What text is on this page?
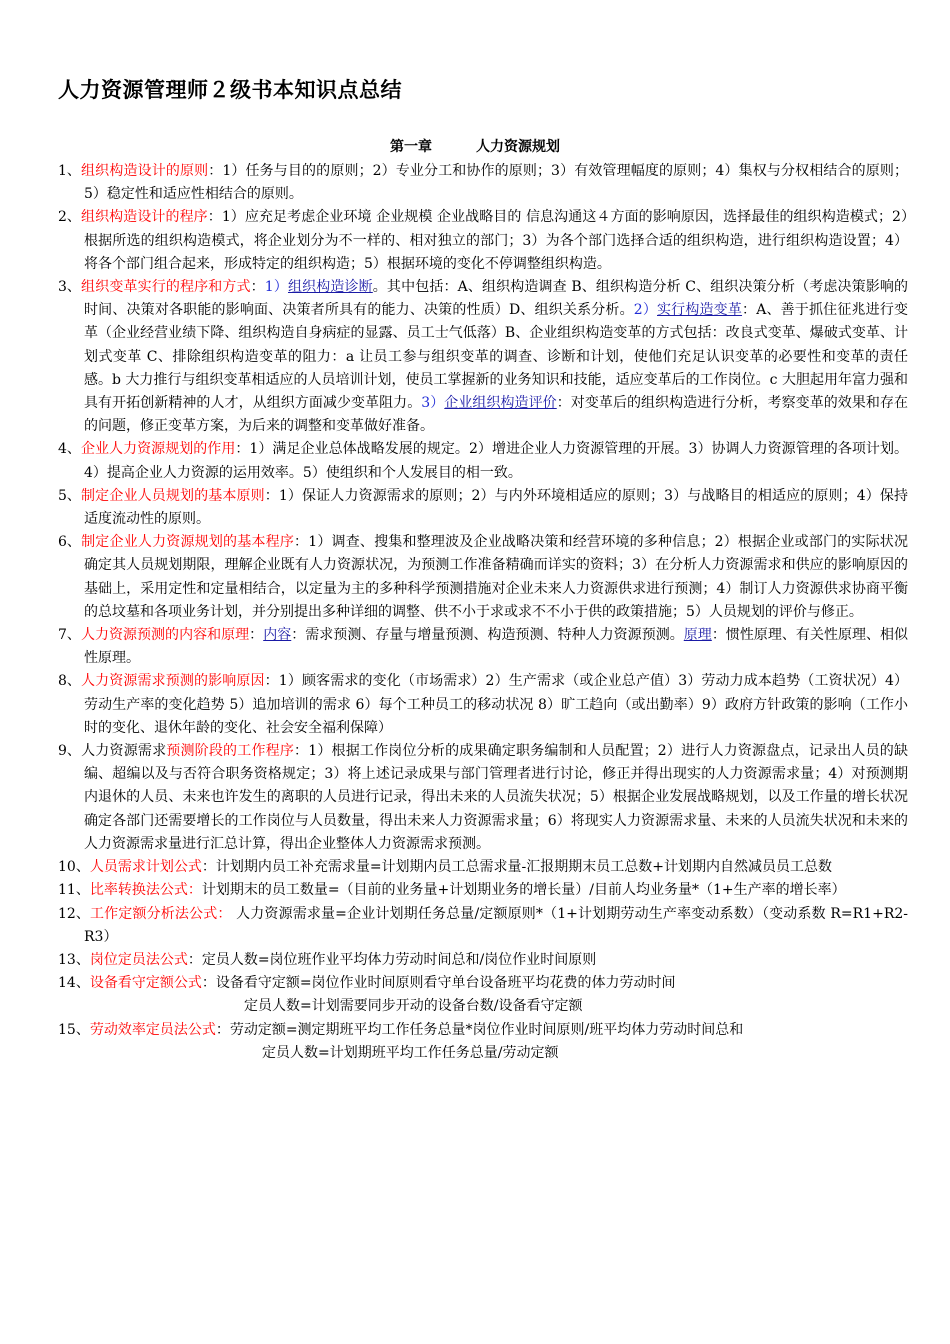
人力资源管理师２级书本知识点总结
第一章	人力资源规划
1、组织构造设计的原则：1）任务与目的的原则；2）专业分工和协作的原则；3）有效管理幅度的原则；4）集权与分权相结合的原则；5）稳定性和适应性相结合的原则。
2、组织构造设计的程序：1）应充足考虑企业环境 企业规模 企业战略目的 信息沟通这４方面的影响原因，选择最佳的组织构造模式；2）根据所选的组织构造模式，将企业划分为不一样的、相对独立的部门；3）为各个部门选择合适的组织构造，进行组织构造设置；4）将各个部门组合起来，形成特定的组织构造；5）根据环境的变化不停调整组织构造。
3、组织变革实行的程序和方式：1）组织构造诊断。其中包括：A、组织构造调查 B、组织构造分析 C、组织决策分析（考虑决策影响的时间、决策对各职能的影响面、决策者所具有的能力、决策的性质）D、组织关系分析。2）实行构造变革：A、善于抓住征兆进行变革（企业经营业绩下降、组织构造自身病症的显露、员工士气低落）B、企业组织构造变革的方式包括：改良式变革、爆破式变革、计划式变革 C、排除组织构造变革的阻力：a 让员工参与组织变革的调查、诊断和计划，使他们充足认识变革的必要性和变革的责任感。b 大力推行与组织变革相适应的人员培训计划，使员工掌握新的业务知识和技能，适应变革后的工作岗位。c 大胆起用年富力强和具有开拓创新精神的人才，从组织方面减少变革阻力。3）企业组织构造评价：对变革后的组织构造进行分析，考察变革的效果和存在的问题，修正变革方案，为后来的调整和变革做好准备。
4、企业人力资源规划的作用：1）满足企业总体战略发展的规定。2）增进企业人力资源管理的开展。3）协调人力资源管理的各项计划。4）提高企业人力资源的运用效率。5）使组织和个人发展目的相一致。
5、制定企业人员规划的基本原则：1）保证人力资源需求的原则；2）与内外环境相适应的原则；3）与战略目的相适应的原则；4）保持适度流动性的原则。
6、制定企业人力资源规划的基本程序：1）调查、搜集和整理波及企业战略决策和经营环境的多种信息；2）根据企业或部门的实际状况确定其人员规划期限，理解企业既有人力资源状况，为预测工作准备精确而详实的资料；3）在分析人力资源需求和供应的影响原因的基础上，采用定性和定量相结合，以定量为主的多种科学预测措施对企业未来人力资源供求进行预测；4）制订人力资源供求协商平衡的总坟墓和各项业务计划，并分别提出多种详细的调整、供不小于求或求不不小于供的政策措施；5）人员规划的评价与修正。
7、人力资源预测的内容和原理：内容：需求预测、存量与增量预测、构造预测、特种人力资源预测。原理：惯性原理、有关性原理、相似性原理。
8、人力资源需求预测的影响原因：1）顾客需求的变化（市场需求）2）生产需求（或企业总产值）3）劳动力成本趋势（工资状况）4）劳动生产率的变化趋势 5）追加培训的需求 6）每个工种员工的移动状况 8）旷工趋向（或出勤率）9）政府方针政策的影响（工作小时的变化、退休年龄的变化、社会安全福利保障）
9、人力资源需求预测阶段的工作程序：1）根据工作岗位分析的成果确定职务编制和人员配置；2）进行人力资源盘点，记录出人员的缺编、超编以及与否符合职务资格规定；3）将上述记录成果与部门管理者进行讨论，修正并得出现实的人力资源需求量；4）对预测期内退休的人员、未来也许发生的离职的人员进行记录，得出未来的人员流失状况；5）根据企业发展战略规划，以及工作量的增长状况确定各部门还需要增长的工作岗位与人员数量，得出未来人力资源需求量；6）将现实人力资源需求量、未来的人员流失状况和未来的人力资源需求量进行汇总计算，得出企业整体人力资源需求预测。
10、人员需求计划公式：计划期内员工补充需求量=计划期内员工总需求量-汇报期期末员工总数+计划期内自然减员员工总数
11、比率转换法公式：计划期末的员工数量=（目前的业务量+计划期业务的增长量）/目前人均业务量*（1+生产率的增长率）
12、工作定额分析法公式： 人力资源需求量=企业计划期任务总量/定额原则*（1+计划期劳动生产率变动系数）（变动系数 R=R1+R2-R3）
13、岗位定员法公式：定员人数=岗位班作业平均体力劳动时间总和/岗位作业时间原则
14、设备看守定额公式：设备看守定额=岗位作业时间原则看守单台设备班平均花费的体力劳动时间
定员人数=计划需要同步开动的设备台数/设备看守定额
15、劳动效率定员法公式：劳动定额=测定期班平均工作任务总量*岗位作业时间原则/班平均体力劳动时间总和
定员人数=计划期班平均工作任务总量/劳动定额
